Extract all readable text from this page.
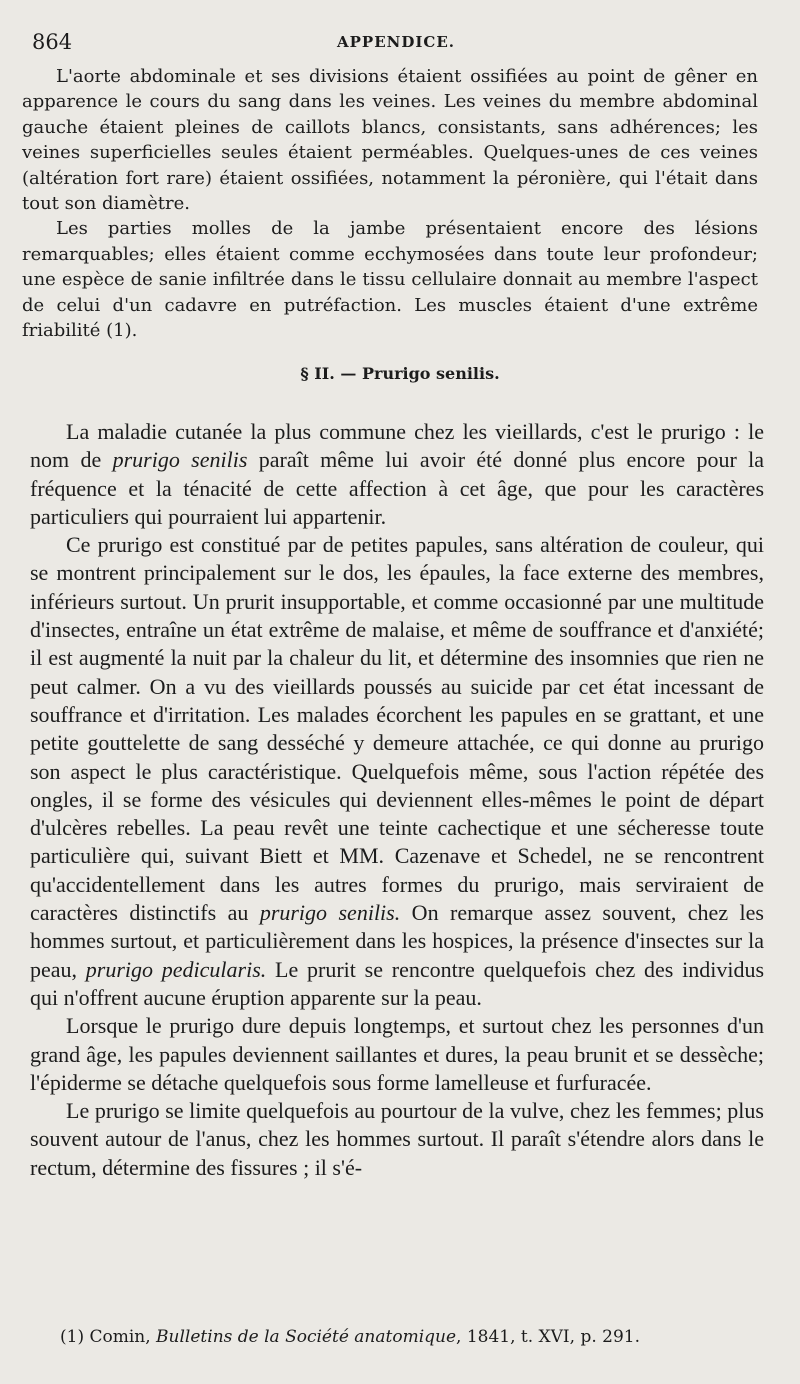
864	APPENDICE.

L'aorte abdominale et ses divisions étaient ossifiées au point de gêner en apparence le cours du sang dans les veines. Les veines du membre abdominal gauche étaient pleines de caillots blancs, consistants, sans adhérences; les veines superficielles seules étaient perméables. Quelques-unes de ces veines (altération fort rare) étaient ossifiées, notamment la péronière, qui l'était dans tout son diamètre.

Les parties molles de la jambe présentaient encore des lésions remarquables; elles étaient comme ecchymosées dans toute leur profondeur; une espèce de sanie infiltrée dans le tissu cellulaire donnait au membre l'aspect de celui d'un cadavre en putréfaction. Les muscles étaient d'une extrême friabilité (1).

§ II. — Prurigo senilis.

La maladie cutanée la plus commune chez les vieillards, c'est le prurigo : le nom de prurigo senilis paraît même lui avoir été donné plus encore pour la fréquence et la ténacité de cette affection à cet âge, que pour les caractères particuliers qui pourraient lui appartenir.

Ce prurigo est constitué par de petites papules, sans altération de couleur, qui se montrent principalement sur le dos, les épaules, la face externe des membres, inférieurs surtout. Un prurit insupportable, et comme occasionné par une multitude d'insectes, entraîne un état extrême de malaise, et même de souffrance et d'anxiété; il est augmenté la nuit par la chaleur du lit, et détermine des insomnies que rien ne peut calmer. On a vu des vieillards poussés au suicide par cet état incessant de souffrance et d'irritation. Les malades écorchent les papules en se grattant, et une petite gouttelette de sang desséché y demeure attachée, ce qui donne au prurigo son aspect le plus caractéristique. Quelquefois même, sous l'action répétée des ongles, il se forme des vésicules qui deviennent elles-mêmes le point de départ d'ulcères rebelles. La peau revêt une teinte cachectique et une sécheresse toute particulière qui, suivant Biett et MM. Cazenave et Schedel, ne se rencontrent qu'accidentellement dans les autres formes du prurigo, mais serviraient de caractères distinctifs au prurigo senilis. On remarque assez souvent, chez les hommes surtout, et particulièrement dans les hospices, la présence d'insectes sur la peau, prurigo pedicularis. Le prurit se rencontre quelquefois chez des individus qui n'offrent aucune éruption apparente sur la peau.

Lorsque le prurigo dure depuis longtemps, et surtout chez les personnes d'un grand âge, les papules deviennent saillantes et dures, la peau brunit et se dessèche; l'épiderme se détache quelquefois sous forme lamelleuse et furfuracée.

Le prurigo se limite quelquefois au pourtour de la vulve, chez les femmes; plus souvent autour de l'anus, chez les hommes surtout. Il paraît s'étendre alors dans le rectum, détermine des fissures ; il s'é-

(1) Comin, Bulletins de la Société anatomique, 1841, t. XVI, p. 291.
